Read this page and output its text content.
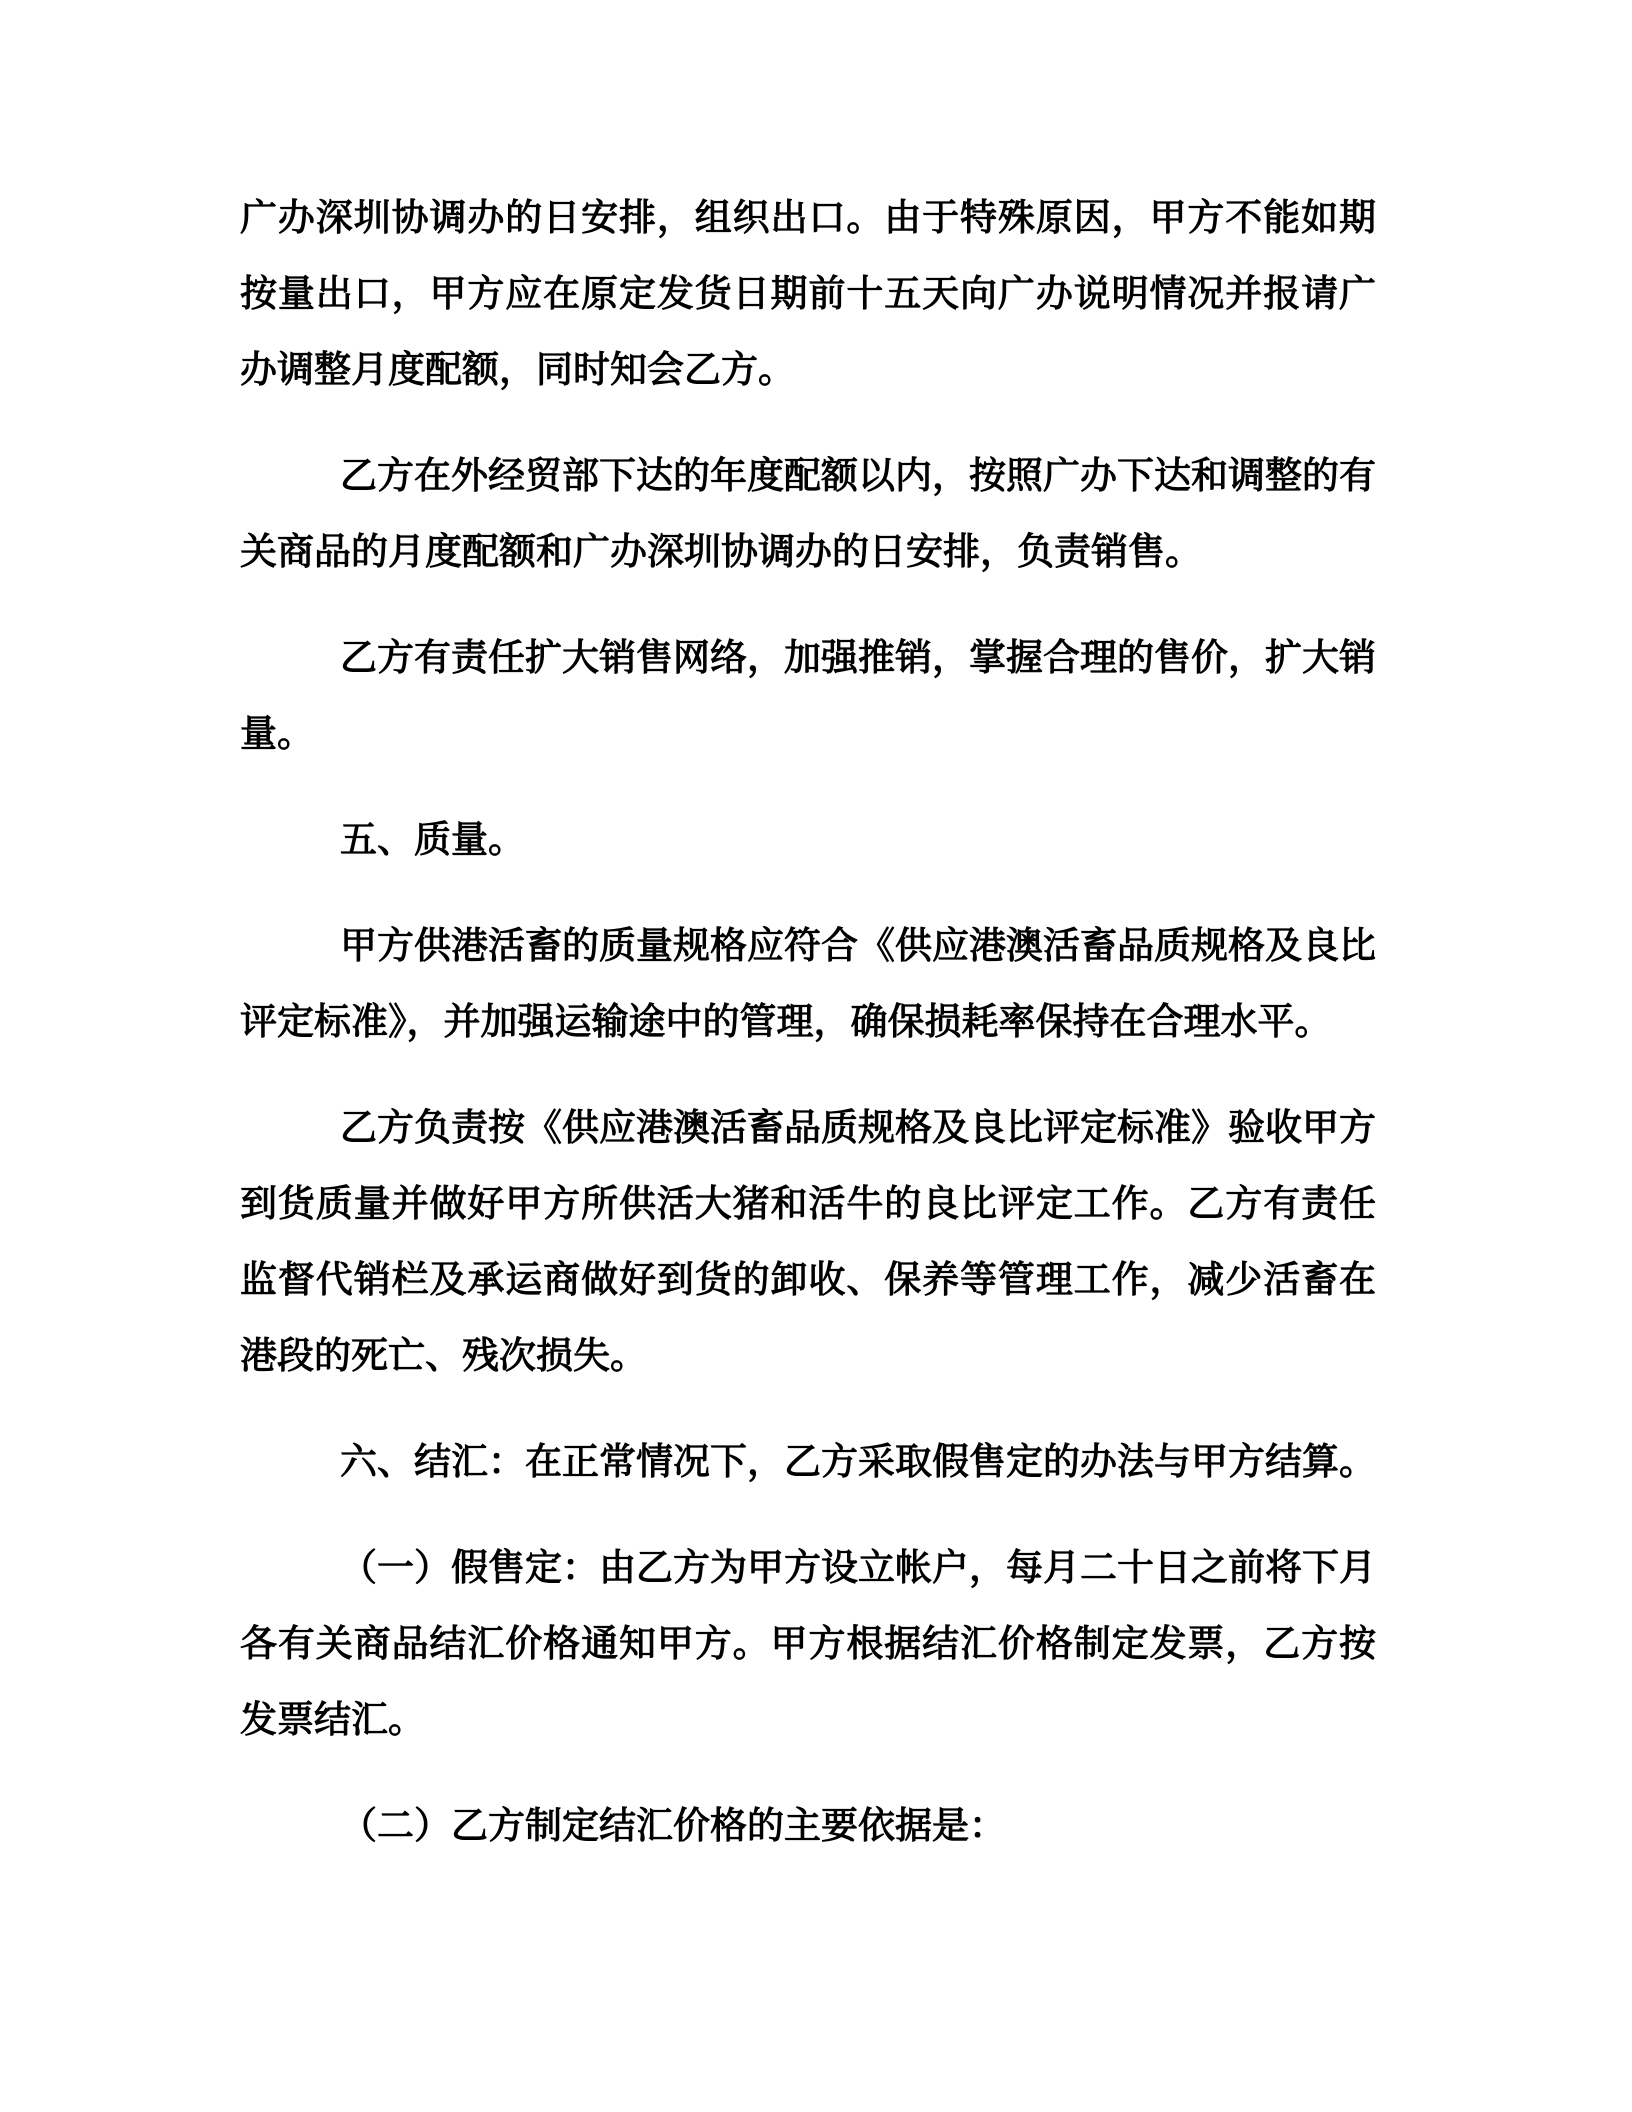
广办深圳协调办的日安排，组织出口。由于特殊原因，甲方不能如期按量出口，甲方应在原定发货日期前十五天向广办说明情况并报请广办调整月度配额，同时知会乙方。

乙方在外经贸部下达的年度配额以内，按照广办下达和调整的有关商品的月度配额和广办深圳协调办的日安排，负责销售。

乙方有责任扩大销售网络，加强推销，掌握合理的售价，扩大销量。

五、质量。

甲方供港活畜的质量规格应符合《供应港澳活畜品质规格及良比评定标准》，并加强运输途中的管理，确保损耗率保持在合理水平。

乙方负责按《供应港澳活畜品质规格及良比评定标准》验收甲方到货质量并做好甲方所供活大猪和活牛的良比评定工作。乙方有责任监督代销栏及承运商做好到货的卸收、保养等管理工作，减少活畜在港段的死亡、残次损失。

六、结汇：在正常情况下，乙方采取假售定的办法与甲方结算。

（一）假售定：由乙方为甲方设立帐户，每月二十日之前将下月各有关商品结汇价格通知甲方。甲方根据结汇价格制定发票，乙方按发票结汇。

（二）乙方制定结汇价格的主要依据是：
